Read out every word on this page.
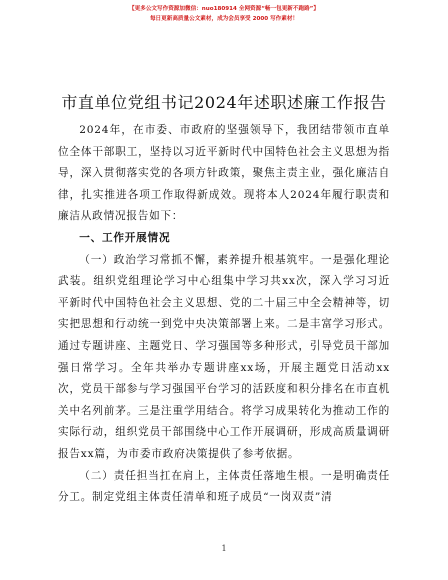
【更多公文写作资源加微信：nuo180914 全网资源“畅一包更新不跑路”】
每日更新高质量公文素材，成为会员享受 2000 写作素材！
市直单位党组书记2024年述职述廉工作报告

2024年，在市委、市政府的坚强领导下，我团结带领市直单位全体干部职工，坚持以习近平新时代中国特色社会主义思想为指导，深入贯彻落实党的各项方针政策，聚焦主责主业，强化廉洁自律，扎实推进各项工作取得新成效。现将本人2024年履行职责和廉洁从政情况报告如下：

一、工作开展情况

（一）政治学习常抓不懈，素养提升根基筑牢。一是强化理论武装。组织党组理论学习中心组集中学习共xx次，深入学习习近平新时代中国特色社会主义思想、党的二十届三中全会精神等，切实把思想和行动统一到党中央决策部署上来。二是丰富学习形式。通过专题讲座、主题党日、学习强国等多种形式，引导党员干部加强日常学习。全年共举办专题讲座xx场，开展主题党日活动xx次，党员干部参与学习强国平台学习的活跃度和积分排名在市直机关中名列前茅。三是注重学用结合。将学习成果转化为推动工作的实际行动，组织党员干部围绕中心工作开展调研，形成高质量调研报告xx篇，为市委市政府决策提供了参考依据。

（二）责任担当扛在肩上，主体责任落地生根。一是明确责任分工。制定党组主体责任清单和班子成员“一岗双责”清

1
